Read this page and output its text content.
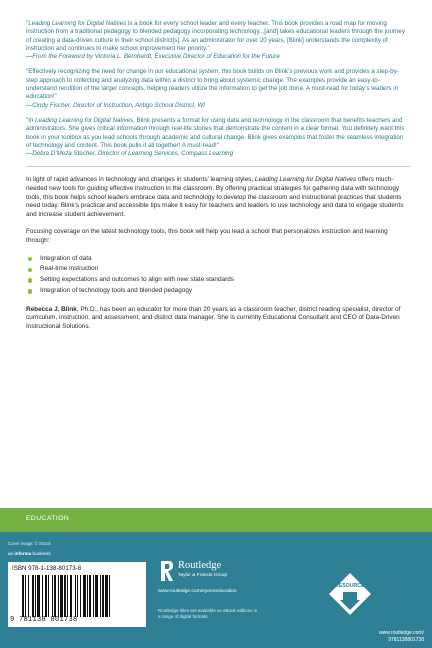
"Leading Learning for Digital Natives is a book for every school leader and every teacher. This book provides a road map for moving instruction from a traditional pedagogy to blended pedagogy incorporating technology...[and] takes educational leaders through the journey of creating a data-driven culture in their school district[s]. As an administrator for over 20 years, [Blink] understands the complexity of instruction and continues to make school improvement her priority."
—From the Foreword by Victoria L. Bernhardt, Executive Director of Education for the Future

"Effectively recognizing the need for change in our educational system, this book builds on Blink’s previous work and provides a step-by-step approach to collecting and analyzing data within a district to bring about systemic change. The examples provide an easy-to-understand rendition of the larger concepts, helping readers utilize the information to get the job done. A must-read for today’s leaders in education!"
—Cindy Fischer, Director of Instruction, Antigo School District, WI

"In Leading Learning for Digital Natives, Blink presents a format for using data and technology in the classroom that benefits teachers and administrators. She gives critical information through real-life stories that demonstrate the content in a clear format. You definitely want this book in your toolbox as you lead schools through academic and cultural change. Blink gives examples that foster the seamless integration of technology and content. This book pulls it all together! A must-read!"
—Debra D’Meza Stecher, Director of Learning Services, Compass Learning

In light of rapid advances in technology and changes in students’ learning styles, Leading Learning for Digital Natives offers much-needed new tools for guiding effective instruction in the classroom. By offering practical strategies for gathering data with technology tools, this book helps school leaders embrace data and technology to develop the classroom and instructional practices that students need today. Blink’s practical and accessible tips make it easy for teachers and leaders to use technology and data to engage students and increase student achievement.

Focusing coverage on the latest technology tools, this book will help you lead a school that personalizes instruction and learning through:

Integration of data
Real-time instruction
Setting expectations and outcomes to align with new state standards
Integration of technology tools and blended pedagogy

Rebecca J. Blink, Ph.D., has been an educator for more than 20 years as a classroom teacher, district reading specialist, director of curriculum, instruction, and assessment, and district data manager. She is currently Educational Consultant and CEO of Data-Driven Instructional Solutions.

EDUCATION
Cover image: © iStock
an informa business
ISBN 978-1-138-80173-8
9 781138 801738
Routledge
Taylor & Francis Group
www.routledge.com/eyeoneducation
Routledge titles are available as eBook editions in a range of digital formats
eRESOURCES
www.routledge.com/
9781138801738
